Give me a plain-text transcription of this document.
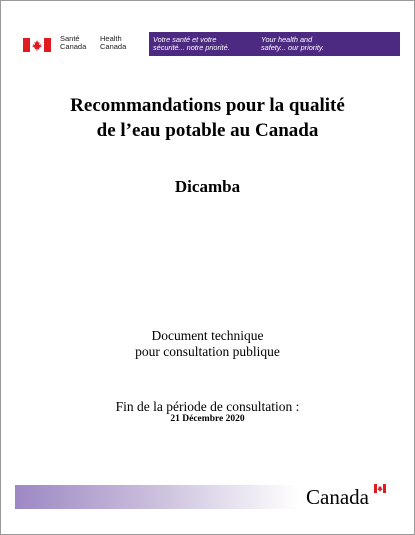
Santé
Canada
Health
Canada
Votre santé et votre
sécurité... notre priorité.
Your health and
safety... our priority.
Recommandations pour la qualité
de l’eau potable au Canada
Dicamba
Document technique
pour consultation publique
Fin de la période de consultation :
21 Décembre 2020
Canada
